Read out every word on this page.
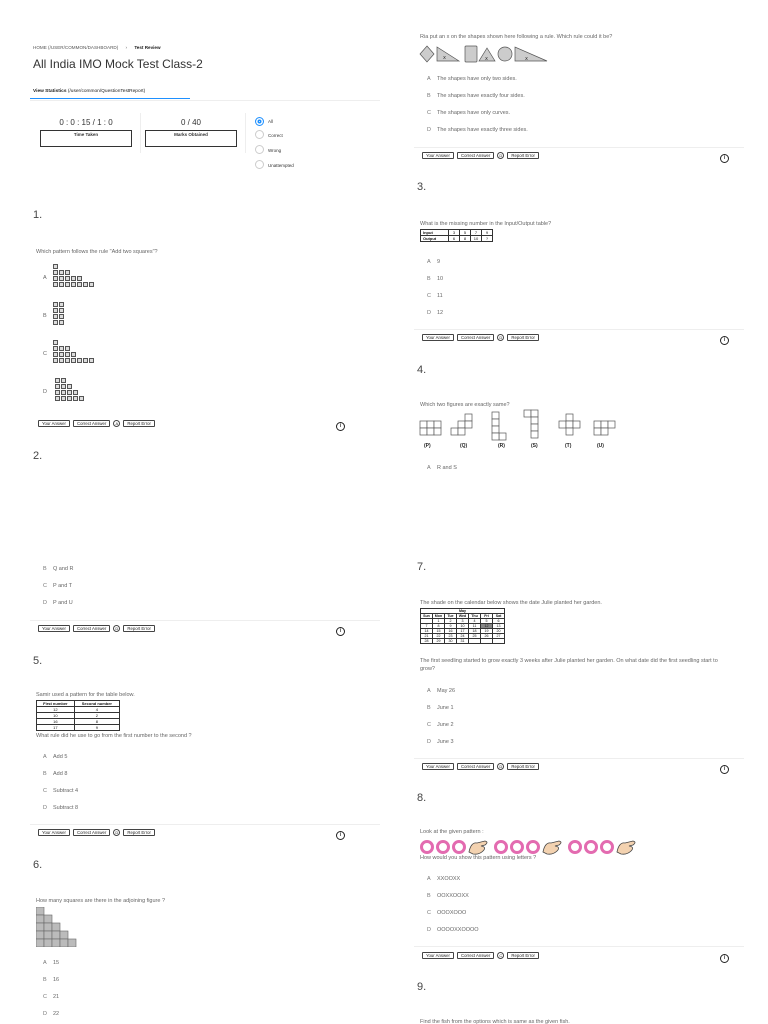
HOME (/USER/COMMON/DASHBOARD) › Test Review
All India IMO Mock Test Class-2
View Statistics (/user/common/QuestionTestReport)
0 : 0 : 15 / 1 : 0
Time Taken
0 / 40
Marks Obtained
All
Correct
Wrong
Unattempted
1.
Which pattern follows the rule "Add two squares"?
A
B
C
D
Your Answer	Correct Answer	A	Report Error	i
2.
B Q and R
C P and T
D P and U
Your Answer	Correct Answer	D	Report Error	i
5.
Samir used a pattern for the table below.
First number	Second number
12	4
10	2
16	8
17	9
What rule did he use to go from the first number to the second ?
A Add 5
B Add 8
C Subtract 4
D Subtract 8
Your Answer	Correct Answer	D	Report Error	i
6.
How many squares are there in the adjoining figure ?
A 15
B 16
C 21
D 22
Ria put an x on the shapes shown here following a rule. Which rule could it be?
x	x	x
A The shapes have only two sides.
B The shapes have exactly four sides.
C The shapes have only curves.
D The shapes have exactly three sides.
Your Answer	Correct Answer	D	Report Error	i
3.
What is the missing number in the Input/Output table?
Input	3	5	7	9
Output	6	8	10	?
A 9
B 10
C 11
D 12
Your Answer	Correct Answer	D	Report Error	i
4.
Which two figures are exactly same?
(P)	(Q)	(R)	(S)	(T)	(U)
A R and S
7.
The shade on the calendar below shows the date Julie planted her garden.
May						
Sun	Mon	Tue	Wed	Thu	Fri	Sat
	1	2	3	4	5	6
7	8	9	10	11	12	13
14	15	16	17	18	19	20
21	22	23	24	25	26	27
28	29	30	31			
The first seedling started to grow exactly 3 weeks after Julie planted her garden. On what date did the first seedling start to grow?
A May 26
B June 1
C June 2
D June 3
Your Answer	Correct Answer	D	Report Error	i
8.
Look at the given pattern :
How would you show this pattern using letters ?
A XXOOXX
B OOXXOOXX
C OOOXOOO
D OOOOXXOOOO
Your Answer	Correct Answer	C	Report Error	i
9.
Find the fish from the options which is same as the given fish.
